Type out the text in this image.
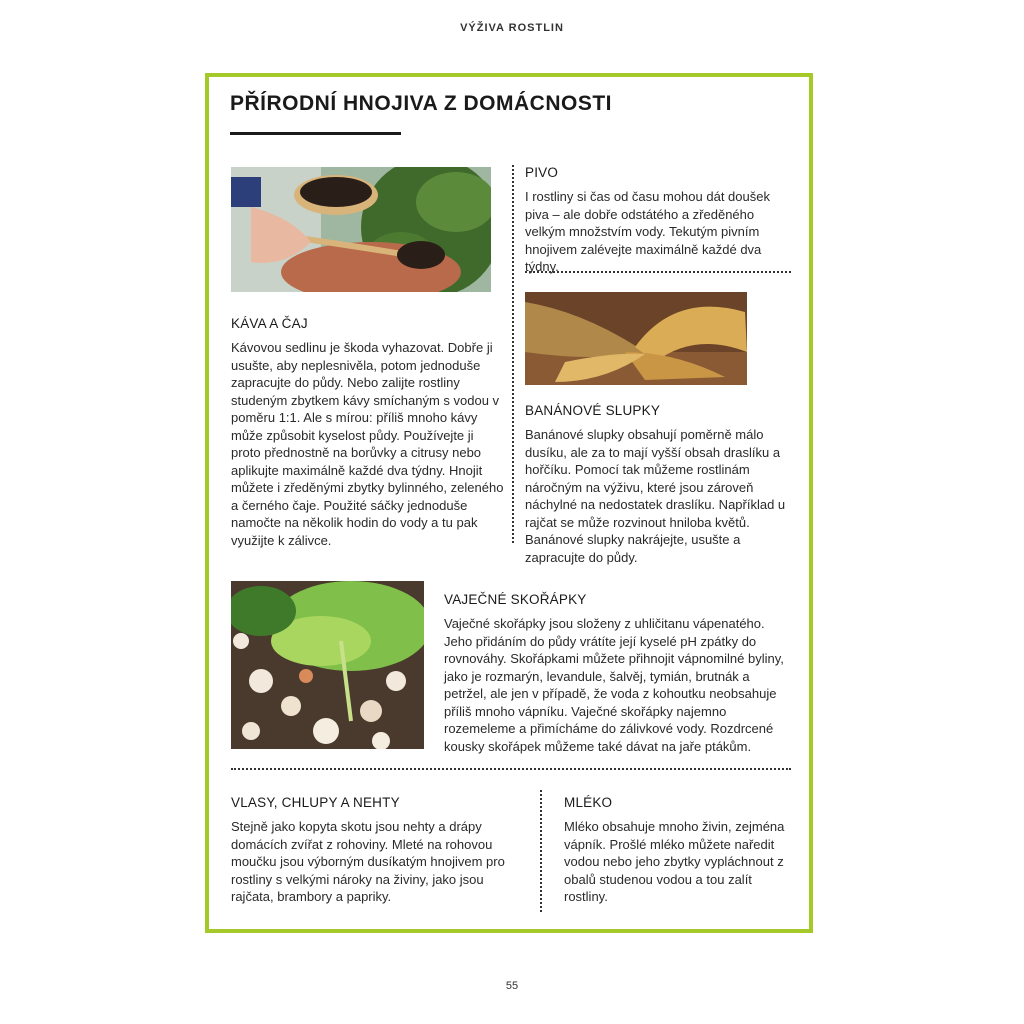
VÝŽIVA ROSTLIN
PŘÍRODNÍ HNOJIVA Z DOMÁCNOSTI
KÁVA A ČAJ

Kávovou sedlinu je škoda vyhazovat. Dobře ji usušte, aby neplesnivěla, potom jednoduše zapracujte do půdy. Nebo zalijte rostliny studeným zbytkem kávy smíchaným s vodou v poměru 1:1. Ale s mírou: příliš mnoho kávy může způsobit kyselost půdy. Používejte ji proto přednostně na borůvky a citrusy nebo aplikujte maximálně každé dva týdny. Hnojit můžete i zředěnými zbytky bylinného, zeleného a černého čaje. Použité sáčky jednoduše namočte na několik hodin do vody a tu pak využijte k zálivce.

PIVO

I rostliny si čas od času mohou dát doušek piva – ale dobře odstátého a zředěného velkým množstvím vody. Tekutým pivním hnojivem zalévejte maximálně každé dva týdny.

BANÁNOVÉ SLUPKY

Banánové slupky obsahují poměrně málo dusíku, ale za to mají vyšší obsah draslíku a hořčíku. Pomocí tak můžeme rostlinám náročným na výživu, které jsou zároveň náchylné na nedostatek draslíku. Například u rajčat se může rozvinout hniloba květů. Banánové slupky nakrájejte, usušte a zapracujte do půdy.

VAJEČNÉ SKOŘÁPKY

Vaječné skořápky jsou složeny z uhličitanu vápenatého. Jeho přidáním do půdy vrátíte její kyselé pH zpátky do rovnováhy. Skořápkami můžete přihnojit vápnomilné byliny, jako je rozmarýn, levandule, šalvěj, tymián, brutnák a petržel, ale jen v případě, že voda z kohoutku neobsahuje příliš mnoho vápníku. Vaječné skořápky najemno rozemeleme a přimícháme do zálivkové vody. Rozdrcené kousky skořápek můžeme také dávat na jaře ptákům.

VLASY, CHLUPY A NEHTY

Stejně jako kopyta skotu jsou nehty a drápy domácích zvířat z rohoviny. Mleté na rohovou moučku jsou výborným dusíkatým hnojivem pro rostliny s velkými nároky na živiny, jako jsou rajčata, brambory a papriky.

MLÉKO

Mléko obsahuje mnoho živin, zejména vápník. Prošlé mléko můžete naředit vodou nebo jeho zbytky vypláchnout z obalů studenou vodou a tou zalít rostliny.

55
